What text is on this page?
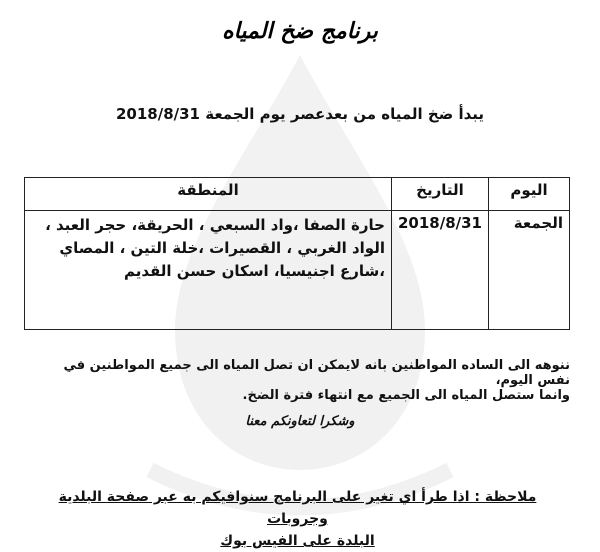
برنامج ضخ المياه
يبدأ ضخ المياه من بعدعصر يوم الجمعة 2018/8/31
اليوم	التاريخ	المنطقة
الجمعة	2018/8/31	حارة الصفا ،واد السبعي ، الحريقة، حجر العبد ، الواد الغربي ، القصيرات ،خلة التين ، المصاي ،شارع اجنيسيا، اسكان حسن القديم
ننوهه الى الساده المواطنين بانه لايمكن ان تصل المياه الى جميع المواطنين في نفس اليوم،
وانما ستصل المياه الى الجميع مع انتهاء فترة الضخ.
وشكرا لتعاونكم معنا
ملاحظة : اذا طرأ اي تغير على البرنامج سنوافيكم به عبر صفحة البلدية وجروبات
البلدة على الفيس بوك
